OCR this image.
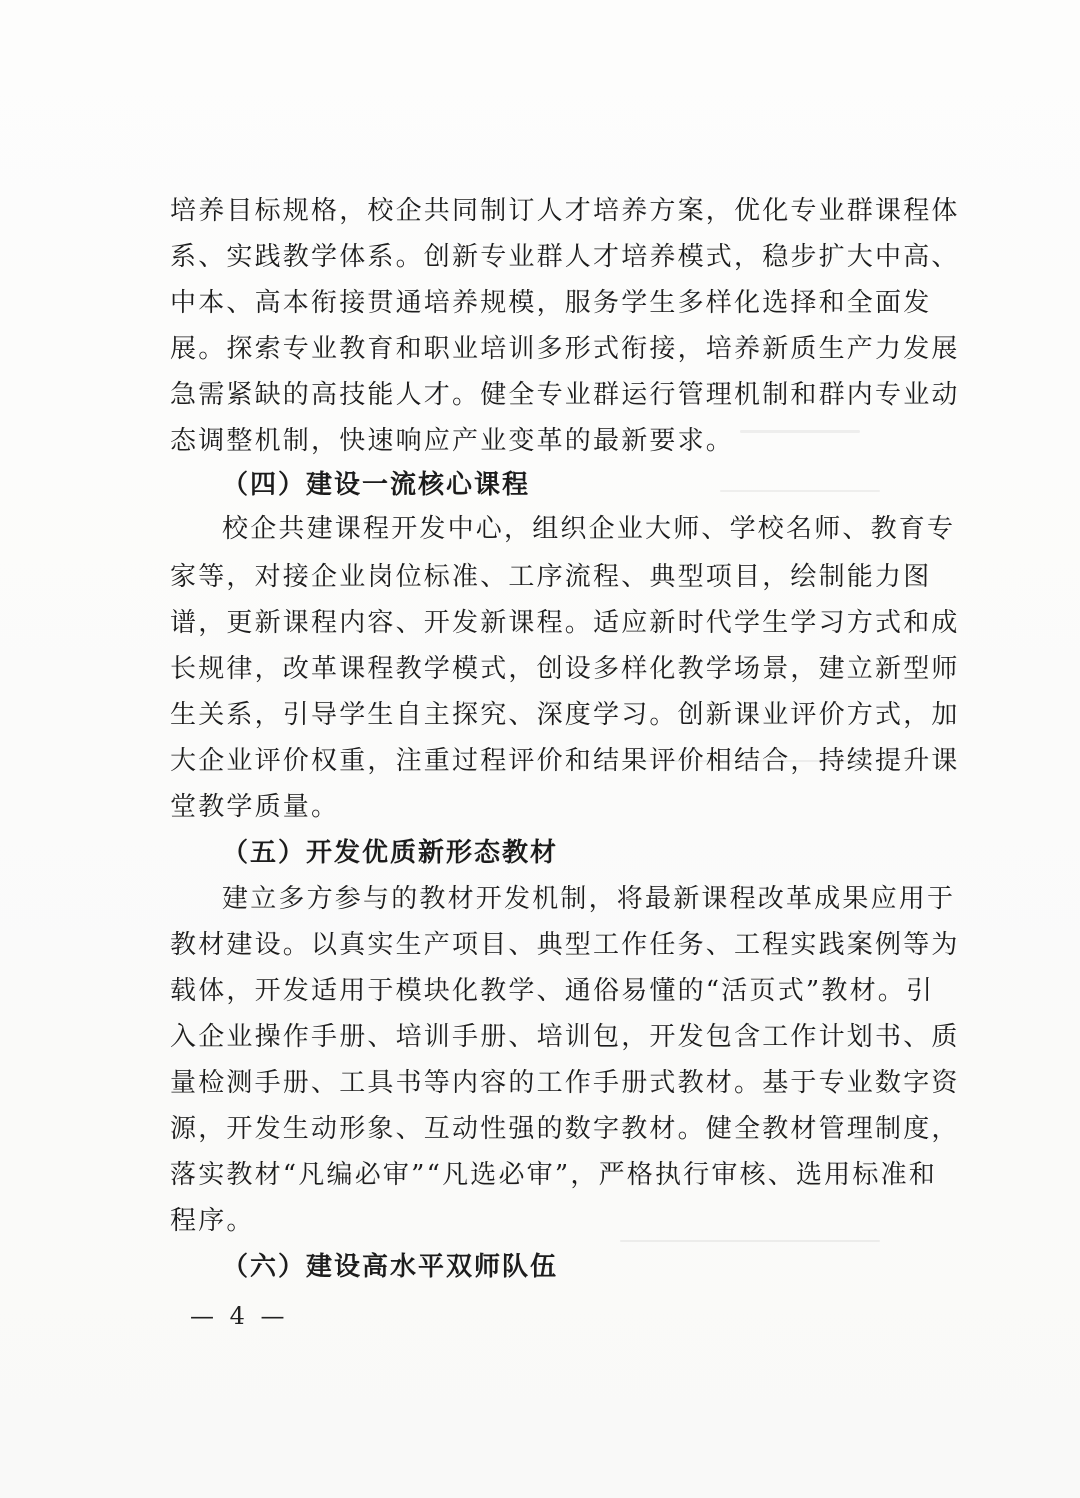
培养目标规格，校企共同制订人才培养方案，优化专业群课程体
系、实践教学体系。创新专业群人才培养模式，稳步扩大中高、
中本、高本衔接贯通培养规模，服务学生多样化选择和全面发
展。探索专业教育和职业培训多形式衔接，培养新质生产力发展
急需紧缺的高技能人才。健全专业群运行管理机制和群内专业动
态调整机制，快速响应产业变革的最新要求。
（四）建设一流核心课程
校企共建课程开发中心，组织企业大师、学校名师、教育专
家等，对接企业岗位标准、工序流程、典型项目，绘制能力图
谱，更新课程内容、开发新课程。适应新时代学生学习方式和成
长规律，改革课程教学模式，创设多样化教学场景，建立新型师
生关系，引导学生自主探究、深度学习。创新课业评价方式，加
大企业评价权重，注重过程评价和结果评价相结合，持续提升课
堂教学质量。
（五）开发优质新形态教材
建立多方参与的教材开发机制，将最新课程改革成果应用于
教材建设。以真实生产项目、典型工作任务、工程实践案例等为
载体，开发适用于模块化教学、通俗易懂的“活页式”教材。引
入企业操作手册、培训手册、培训包，开发包含工作计划书、质
量检测手册、工具书等内容的工作手册式教材。基于专业数字资
源，开发生动形象、互动性强的数字教材。健全教材管理制度，
落实教材“凡编必审”“凡选必审”，严格执行审核、选用标准和
程序。
（六）建设高水平双师队伍
— 4 —
